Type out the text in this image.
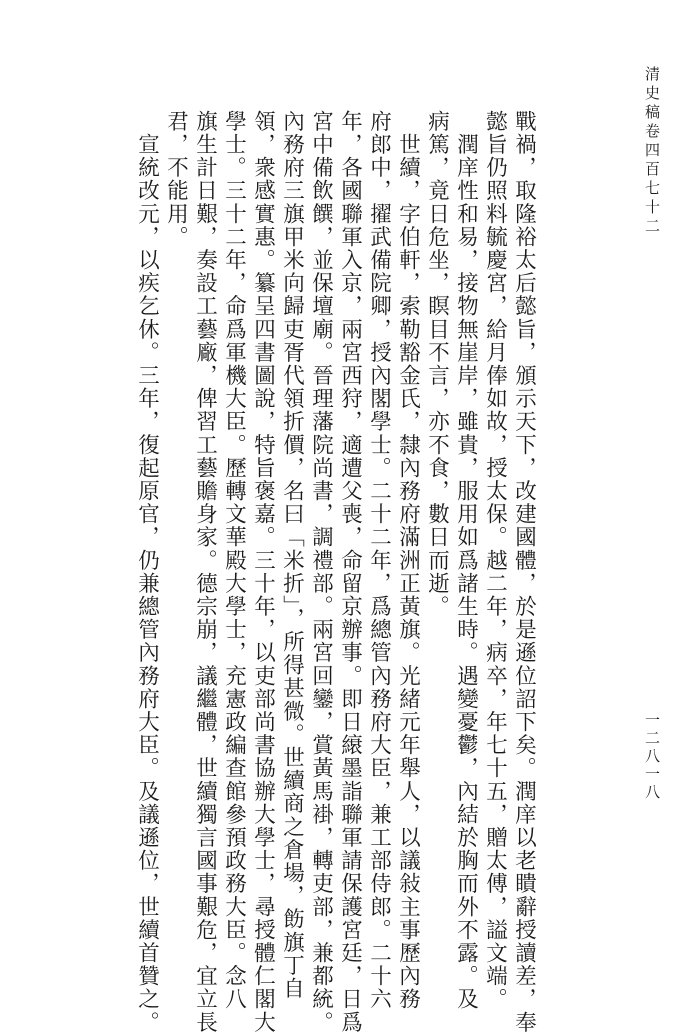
清史稿卷四百七十二
一二八一八
戰禍，取隆裕太后懿旨，頒示天下，改建國體，於是遜位詔下矣。潤庠以老瞶辭授讀差，奉
懿旨仍照料毓慶宮，給月俸如故，授太保。越二年，病卒，年七十五，贈太傅，謚文端。
　潤庠性和易，接物無崖岸，雖貴，服用如爲諸生時。遇變憂鬱，內結於胸而外不露。及
病篤，竟日危坐，瞑目不言，亦不食，數日而逝。
　世續，字伯軒，索勒豁金氏，隸內務府滿洲正黃旗。光緒元年舉人，以議敍主事歷內務
府郎中，擢武備院卿，授內閣學士。二十二年，爲總管內務府大臣，兼工部侍郎。二十六
年，各國聯軍入京，兩宮西狩，適遭父喪，命留京辦事。即日縗墨詣聯軍請保護宮廷，日爲
宮中備飲饌，並保壇廟。晉理藩院尚書，調禮部。兩宮回鑾，賞黃馬褂，轉吏部，兼都統。
內務府三旗甲米向歸吏胥代領折價，名曰「米折」，所得甚微。世續商之倉場，飭旗丁自
領，衆感實惠。纂呈四書圖說，特旨褒嘉。三十年，以吏部尚書協辦大學士，尋授體仁閣大
學士。三十二年，命爲軍機大臣。歷轉文華殿大學士，充憲政編查館參預政務大臣。念八
旗生計日艱，奏設工藝廠，俾習工藝贍身家。德宗崩，議繼體，世續獨言國事艱危，宜立長
君，不能用。
　宣統改元，以疾乞休。三年，復起原官，仍兼總管內務府大臣。及議遜位，世續首贊之。
